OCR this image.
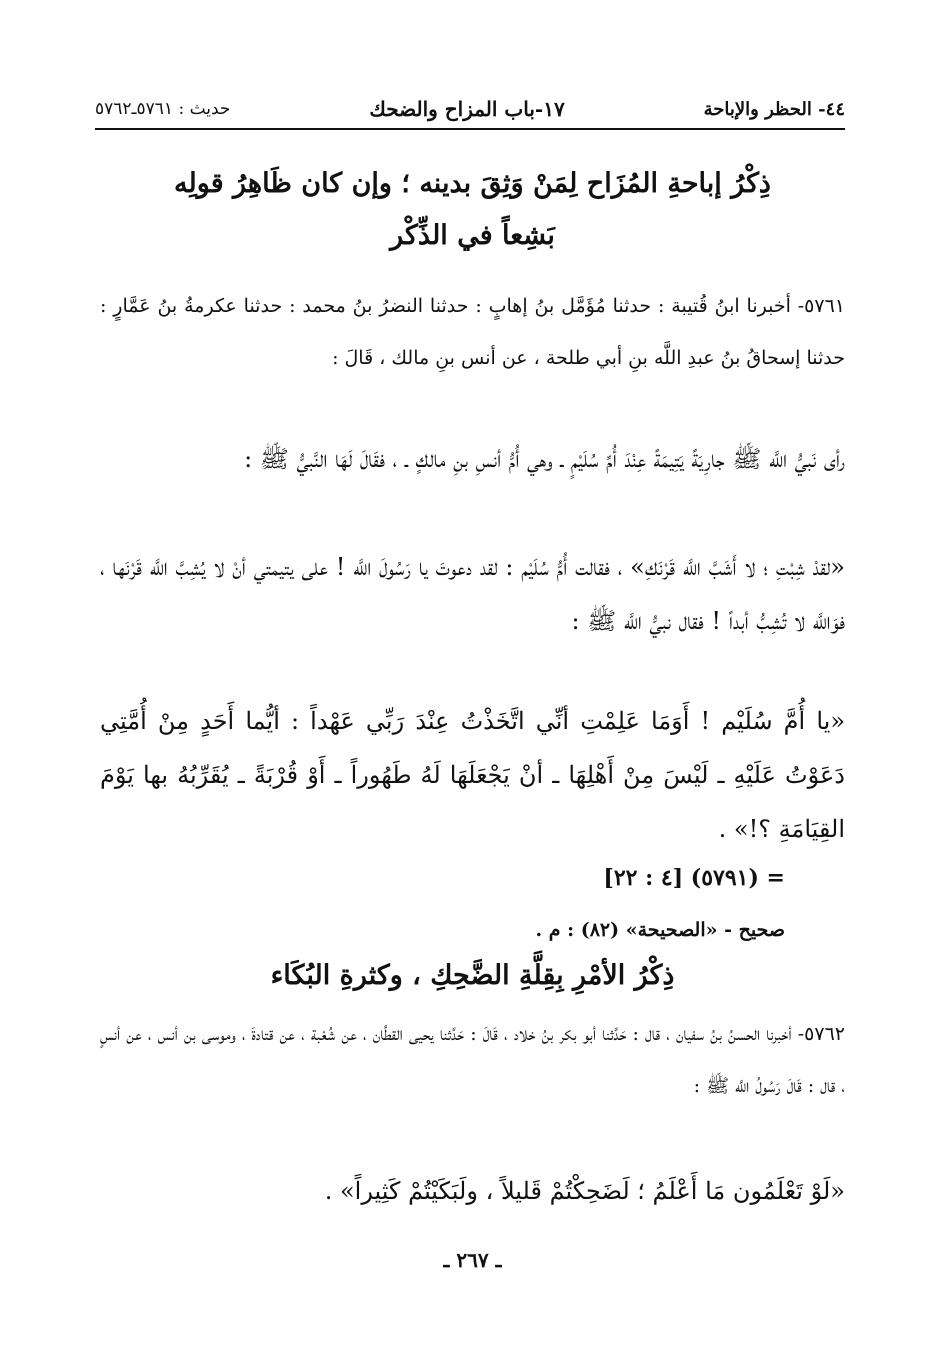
حديث : ٥٧٦١ـ٥٧٦٢	١٧-باب المزاح والضحك	٤٤- الحظر والإباحة
ذِكْرُ إباحةِ المُزَاح لِمَنْ وَثِقَ بدينه ؛ وإن كان ظَاهِرُ قولِه
بَشِعاً في الذِّكْر
٥٧٦١- أخبرنا ابنُ قُتيبة : حدثنا مُؤَمَّل بنُ إهابٍ : حدثنا النضرُ بنُ محمد : حدثنا عكرمةُ بنُ عَمَّارٍ : حدثنا إسحاقُ بنُ عبدِ اللَّه بنِ أبي طلحة ، عن أنس بنِ مالك ، قَالَ :
رأى نَبيُّ اللَّه ﷺ جارِيَةً يَتِيمَةً عِنْدَ أُمِّ سُلَيْمٍ ـ وهي أُمُّ أنسِ بنِ مالكٍ ـ ، فقَالَ لَهَا النَّبيُّ ﷺ :
«لقدْ شِبْتِ ؛ لا أَشَبَّ اللَّه قَرْنَكِ» ، فقالت أُمُّ سُلَيْم : لقد دعوتَ يا رَسُولَ اللَّه ! على يتيمتي أنْ لا يُشِبَّ اللَّه قَرْنَها ، فوَاللَّه لا تُشِبُّ أبداً ! فقال نبيُّ اللَّه ﷺ :
«يا أُمَّ سُلَيْم ! أَوَمَا عَلِمْتِ أنِّي اتَّخَذْتُ عِنْدَ رَبِّي عَهْداً : أيُّما أَحَدٍ مِنْ أُمَّتِي دَعَوْتُ عَلَيْهِ ـ لَيْسَ مِنْ أَهْلِهَا ـ أنْ يَجْعَلَهَا لَهُ طَهُوراً ـ أَوْ قُرْبَةً ـ يُقَرِّبُهُ بها يَوْمَ القِيَامَةِ ؟!» .
= (٥٧٩١) [٤ : ٢٢]
صحيح - «الصحيحة» (٨٢) : م .
ذِكْرُ الأمْرِ بِقِلَّةِ الضَّحِكِ ، وكثرةِ البُكَاء
٥٧٦٢- أخبرنا الحسنُ بنُ سفيان ، قال : حَدَّثنا أبو بكر بنُ خلاد ، قَالَ : حَدَّثنا يحيى القطَّان ، عن شُعْبة ، عن قتادةَ ، وموسى بن أنس ، عن أنسٍ ، قال : قَالَ رَسُولُ اللَّه ﷺ :
«لَوْ تَعْلَمُون مَا أَعْلَمُ ؛ لَضَحِكْتُمْ قَليلاً ، ولَبَكَيْتُمْ كَثِيراً» .
ـ ٢٦٧ ـ
